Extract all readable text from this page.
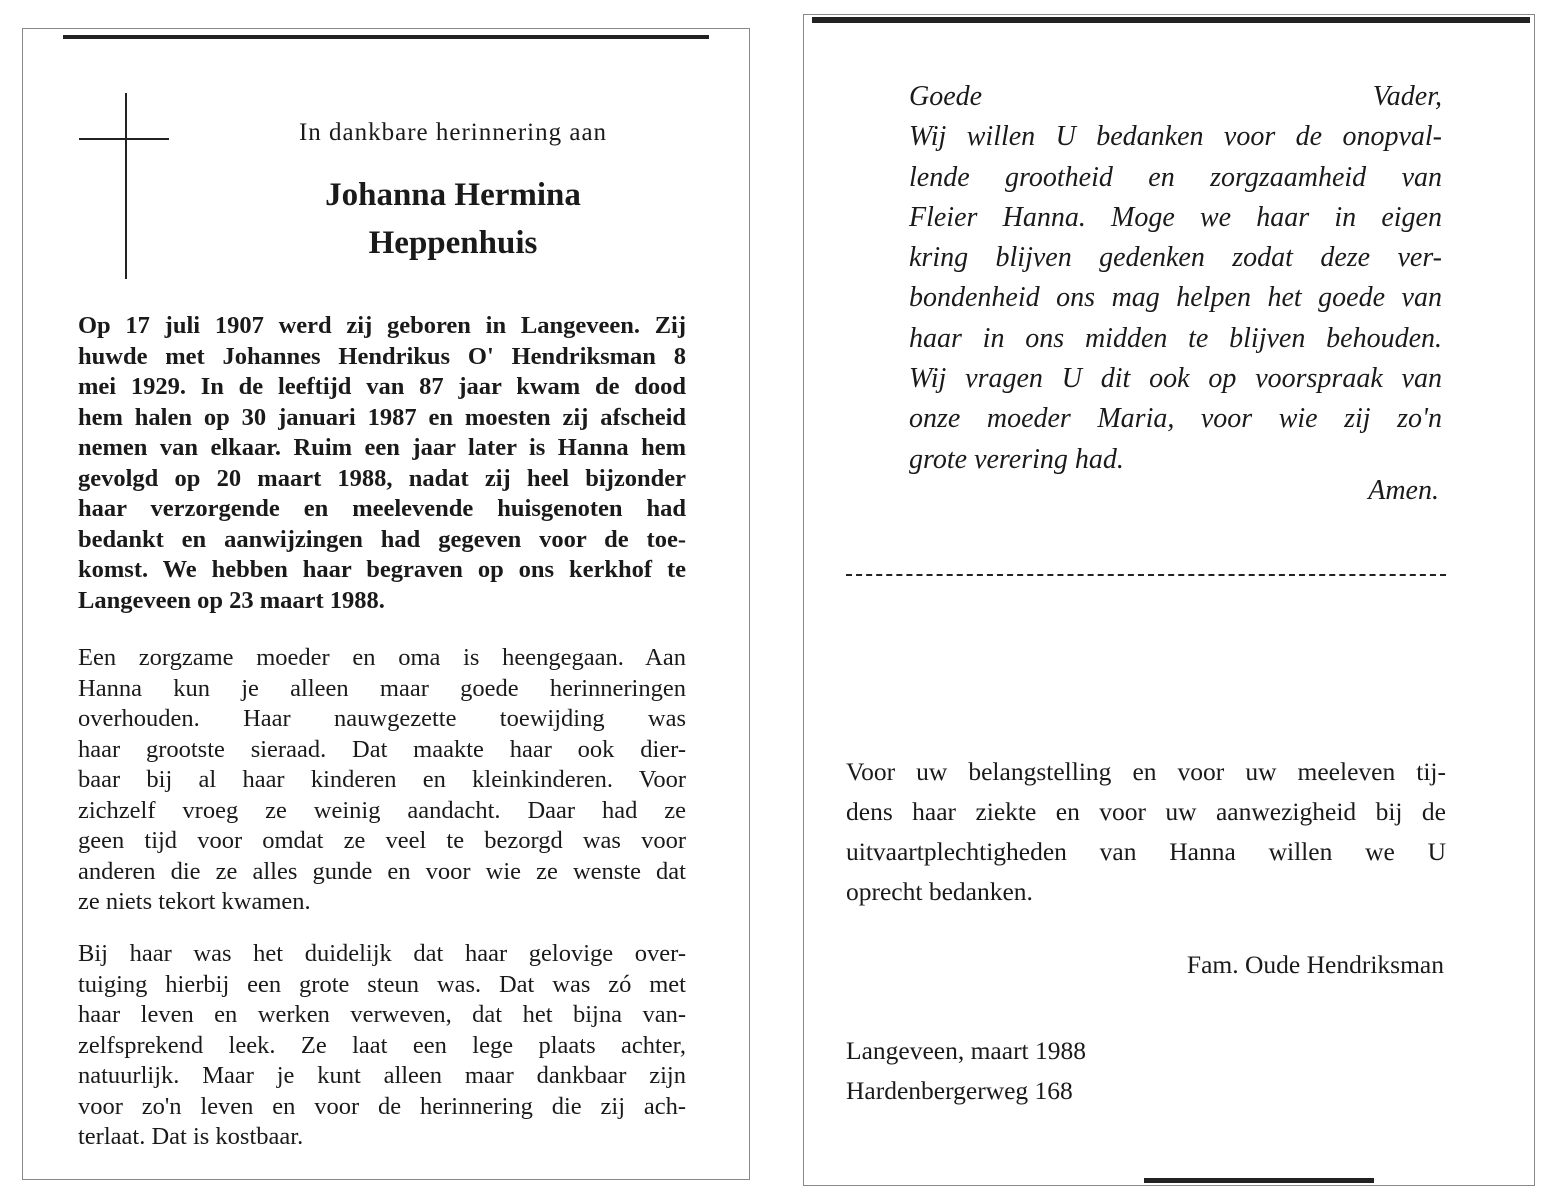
In dankbare herinnering aan
Johanna Hermina
Heppenhuis
Op 17 juli 1907 werd zij geboren in Langeveen. Zij
huwde met Johannes Hendrikus O' Hendriksman 8
mei 1929. In de leeftijd van 87 jaar kwam de dood
hem halen op 30 januari 1987 en moesten zij afscheid
nemen van elkaar. Ruim een jaar later is Hanna hem
gevolgd op 20 maart 1988, nadat zij heel bijzonder
haar verzorgende en meelevende huisgenoten had
bedankt en aanwijzingen had gegeven voor de toe-
komst. We hebben haar begraven op ons kerkhof te
Langeveen op 23 maart 1988.
Een zorgzame moeder en oma is heengegaan. Aan
Hanna kun je alleen maar goede herinneringen
overhouden. Haar nauwgezette toewijding was
haar grootste sieraad. Dat maakte haar ook dier-
baar bij al haar kinderen en kleinkinderen. Voor
zichzelf vroeg ze weinig aandacht. Daar had ze
geen tijd voor omdat ze veel te bezorgd was voor
anderen die ze alles gunde en voor wie ze wenste dat
ze niets tekort kwamen.
Bij haar was het duidelijk dat haar gelovige over-
tuiging hierbij een grote steun was. Dat was zó met
haar leven en werken verweven, dat het bijna van-
zelfsprekend leek. Ze laat een lege plaats achter,
natuurlijk. Maar je kunt alleen maar dankbaar zijn
voor zo'n leven en voor de herinnering die zij ach-
terlaat. Dat is kostbaar.
Goede Vader,
Wij willen U bedanken voor de onopval-
lende grootheid en zorgzaamheid van
Fleier Hanna. Moge we haar in eigen
kring blijven gedenken zodat deze ver-
bondenheid ons mag helpen het goede van
haar in ons midden te blijven behouden.
Wij vragen U dit ook op voorspraak van
onze moeder Maria, voor wie zij zo'n
grote verering had.
Amen.
Voor uw belangstelling en voor uw meeleven tij-
dens haar ziekte en voor uw aanwezigheid bij de
uitvaartplechtigheden van Hanna willen we U
oprecht bedanken.
Fam. Oude Hendriksman
Langeveen, maart 1988
Hardenbergerweg 168
